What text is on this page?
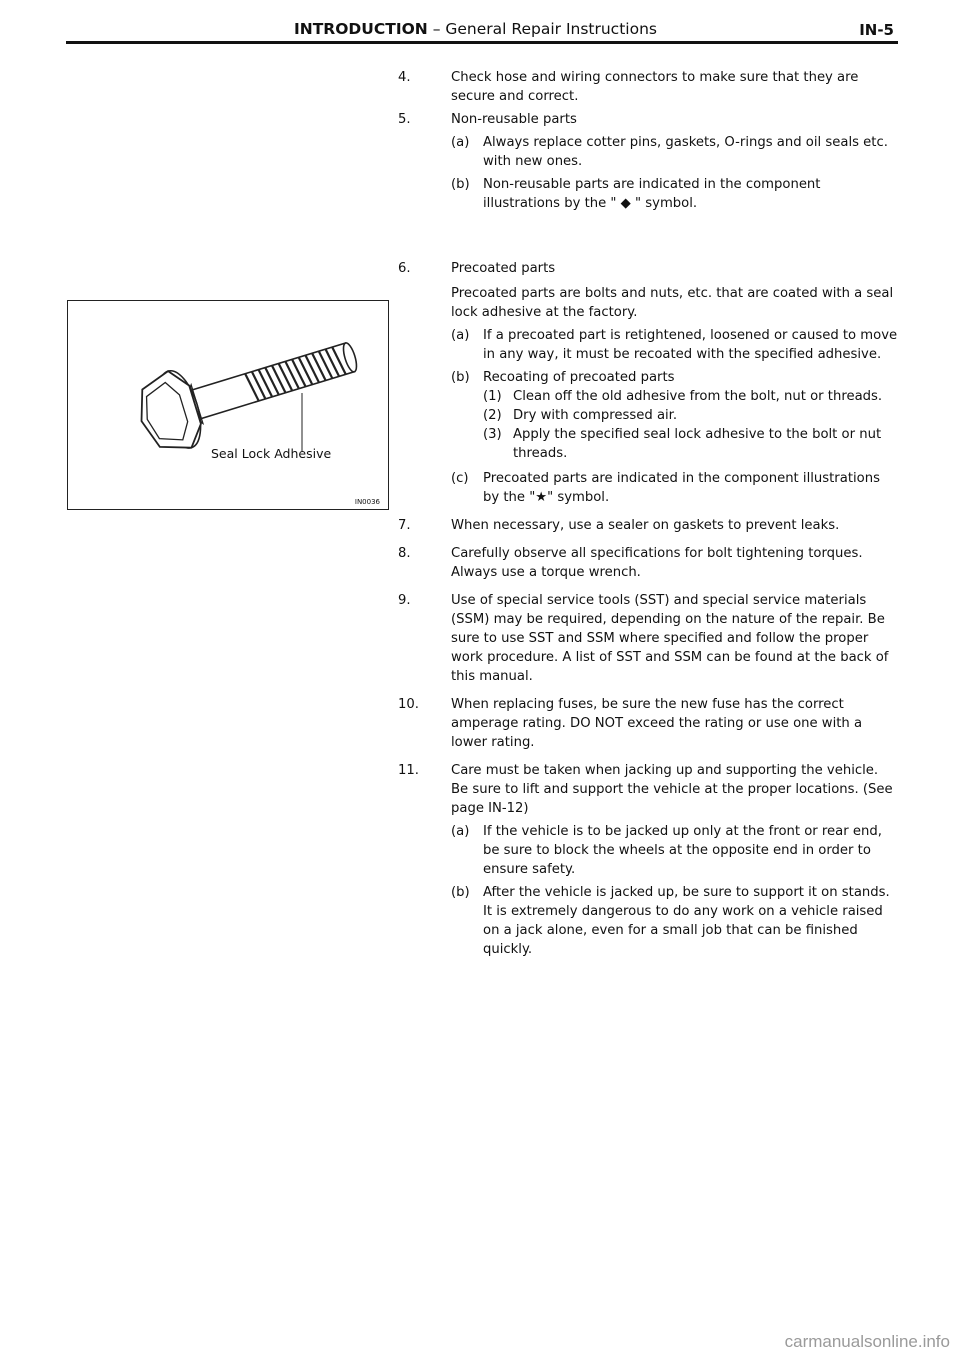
INTRODUCTION – General Repair Instructions	IN-5
Seal Lock Adhesive
IN0036
4.	Check hose and wiring connectors to make sure that they are secure and correct.

5.	Non-reusable parts

(a) Always replace cotter pins, gaskets, O-rings and oil seals etc. with new ones.

(b) Non-reusable parts are indicated in the component illustrations by the " ◆ " symbol.

6.	Precoated parts

Precoated parts are bolts and nuts, etc. that are coated with a seal lock adhesive at the factory.

(a) If a precoated part is retightened, loosened or caused to move in any way, it must be recoated with the specified adhesive.

(b) Recoating of precoated parts

(1) Clean off the old adhesive from the bolt, nut or threads.

(2) Dry with compressed air.

(3) Apply the specified seal lock adhesive to the bolt or nut threads.

(c) Precoated parts are indicated in the component illustrations by the "★" symbol.

7.	When necessary, use a sealer on gaskets to prevent leaks.

8.	Carefully observe all specifications for bolt tightening torques. Always use a torque wrench.

9.	Use of special service tools (SST) and special service materials (SSM) may be required, depending on the nature of the repair. Be sure to use SST and SSM where specified and follow the proper work procedure. A list of SST and SSM can be found at the back of this manual.

10.	When replacing fuses, be sure the new fuse has the correct amperage rating. DO NOT exceed the rating or use one with a lower rating.

11.	Care must be taken when jacking up and supporting the vehicle. Be sure to lift and support the vehicle at the proper locations. (See page IN-12)

(a) If the vehicle is to be jacked up only at the front or rear end, be sure to block the wheels at the opposite end in order to ensure safety.

(b) After the vehicle is jacked up, be sure to support it on stands. It is extremely dangerous to do any work on a vehicle raised on a jack alone, even for a small job that can be finished quickly.

carmanualsonline.info
